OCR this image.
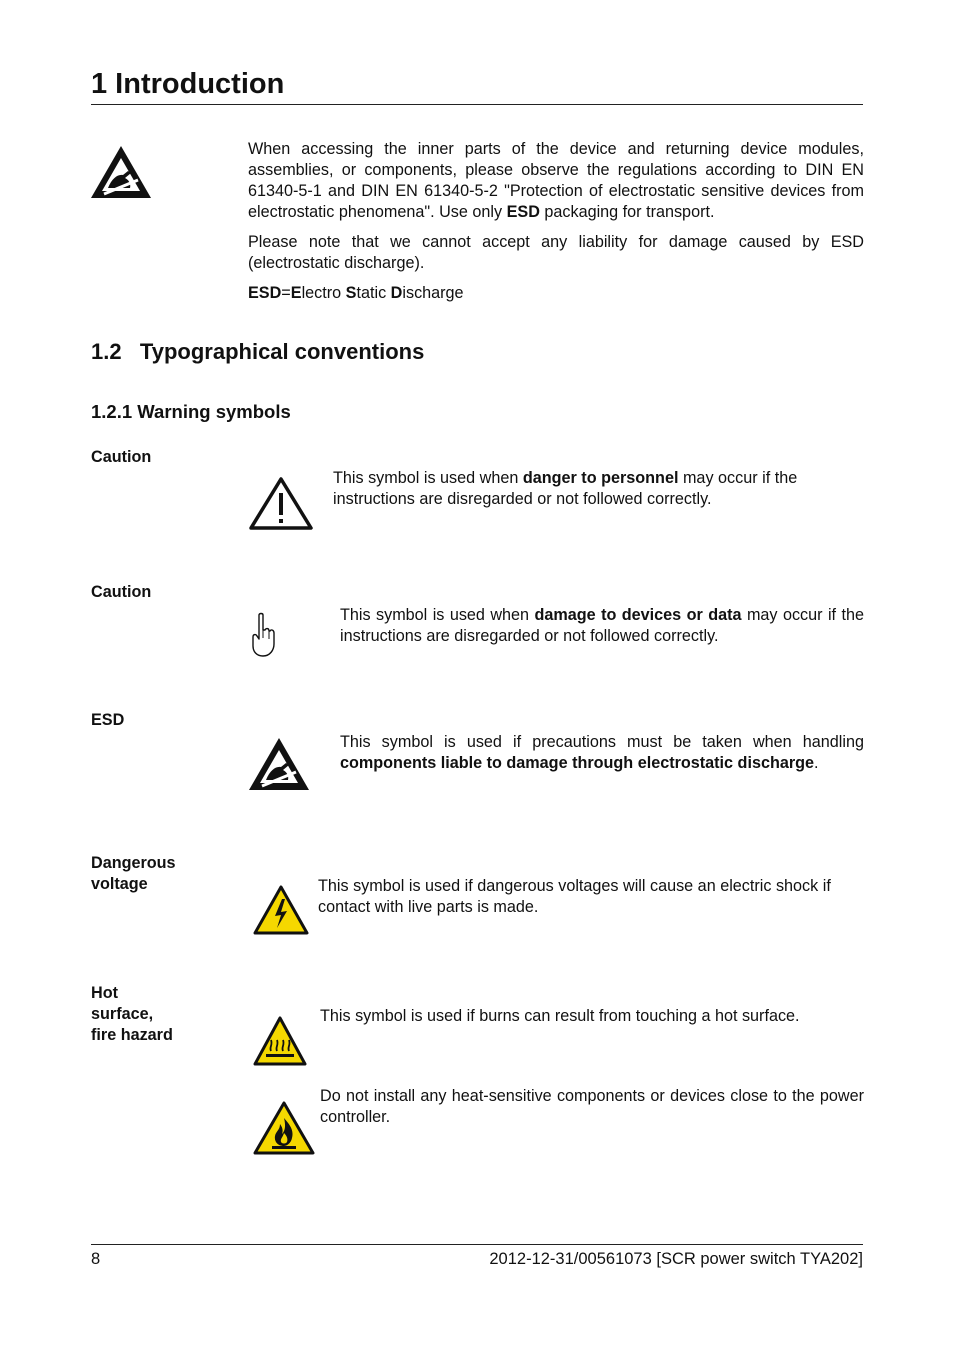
1 Introduction

When accessing the inner parts of the device and returning device modules, assemblies, or components, please observe the regulations according to DIN EN 61340-5-1 and DIN EN 61340-5-2 "Protection of electrostatic sensitive devices from electrostatic phenomena". Use only ESD packaging for transport.

Please note that we cannot accept any liability for damage caused by ESD (electrostatic discharge).

ESD=Electro Static Discharge

1.2   Typographical conventions
1.2.1 Warning symbols

Caution

This symbol is used when danger to personnel may occur if the instructions are disregarded or not followed correctly.

Caution

This symbol is used when damage to devices or data may occur if the instructions are disregarded or not followed correctly.

ESD

This symbol is used if precautions must be taken when handling components liable to damage through electrostatic discharge.

Dangerous voltage	This symbol is used if dangerous voltages will cause an electric shock if contact with live parts is made.

Hot
surface,
fire hazard

This symbol is used if burns can result from touching a hot surface.

Do not install any heat-sensitive components or devices close to the power controller.

8	2012-12-31/00561073 [SCR power switch TYA202]
